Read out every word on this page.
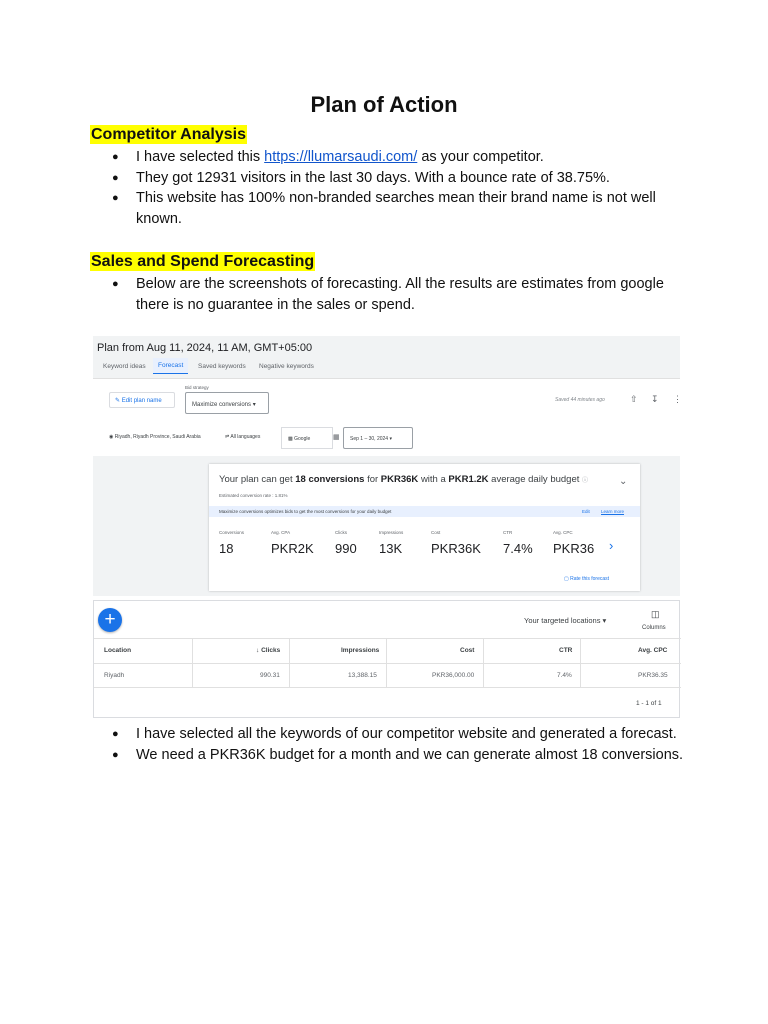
Plan of Action
Competitor Analysis
● I have selected this https://llumarsaudi.com/ as your competitor.
● They got 12931 visitors in the last 30 days. With a bounce rate of 38.75%.
● This website has 100% non-branded searches mean their brand name is not well known.
Sales and Spend Forecasting
● Below are the screenshots of forecasting. All the results are estimates from google there is no guarantee in the sales or spend.
Plan from Aug 11, 2024, 11 AM, GMT+05:00
Keyword ideas	Forecast	Saved keywords Negative keywords
✎ Edit plan name
Bid strategy
Maximize conversions ▾
Saved 44 minutes ago	⇧ ↧ ⋮
◉ Riyadh, Riyadh Province, Saudi Arabia	⇌ All languages	▩ Google	▦	Sep 1 – 30, 2024 ▾
Your plan can get 18 conversions for PKR36K with a PKR1.2K average daily budget ⓘ
Estimated conversion rate : 1.81%
⌄
Maximize conversions optimizes bids to get the most conversions for your daily budget	Edit Learn more
Conversions
18
Avg. CPA
PKR2K
Clicks
990
Impressions
13K
Cost
PKR36K
CTR
7.4%
Avg. CPC
PKR36 ›
▢ Rate this forecast
+	Your targeted locations ▾
◫
Columns
Location	↓ Clicks	Impressions	Cost	CTR	Avg. CPC
Riyadh	990.31	13,388.15	PKR36,000.00	7.4%	PKR36.35
1 - 1 of 1
● I have selected all the keywords of our competitor website and generated a forecast.
● We need a PKR36K budget for a month and we can generate almost 18 conversions.
